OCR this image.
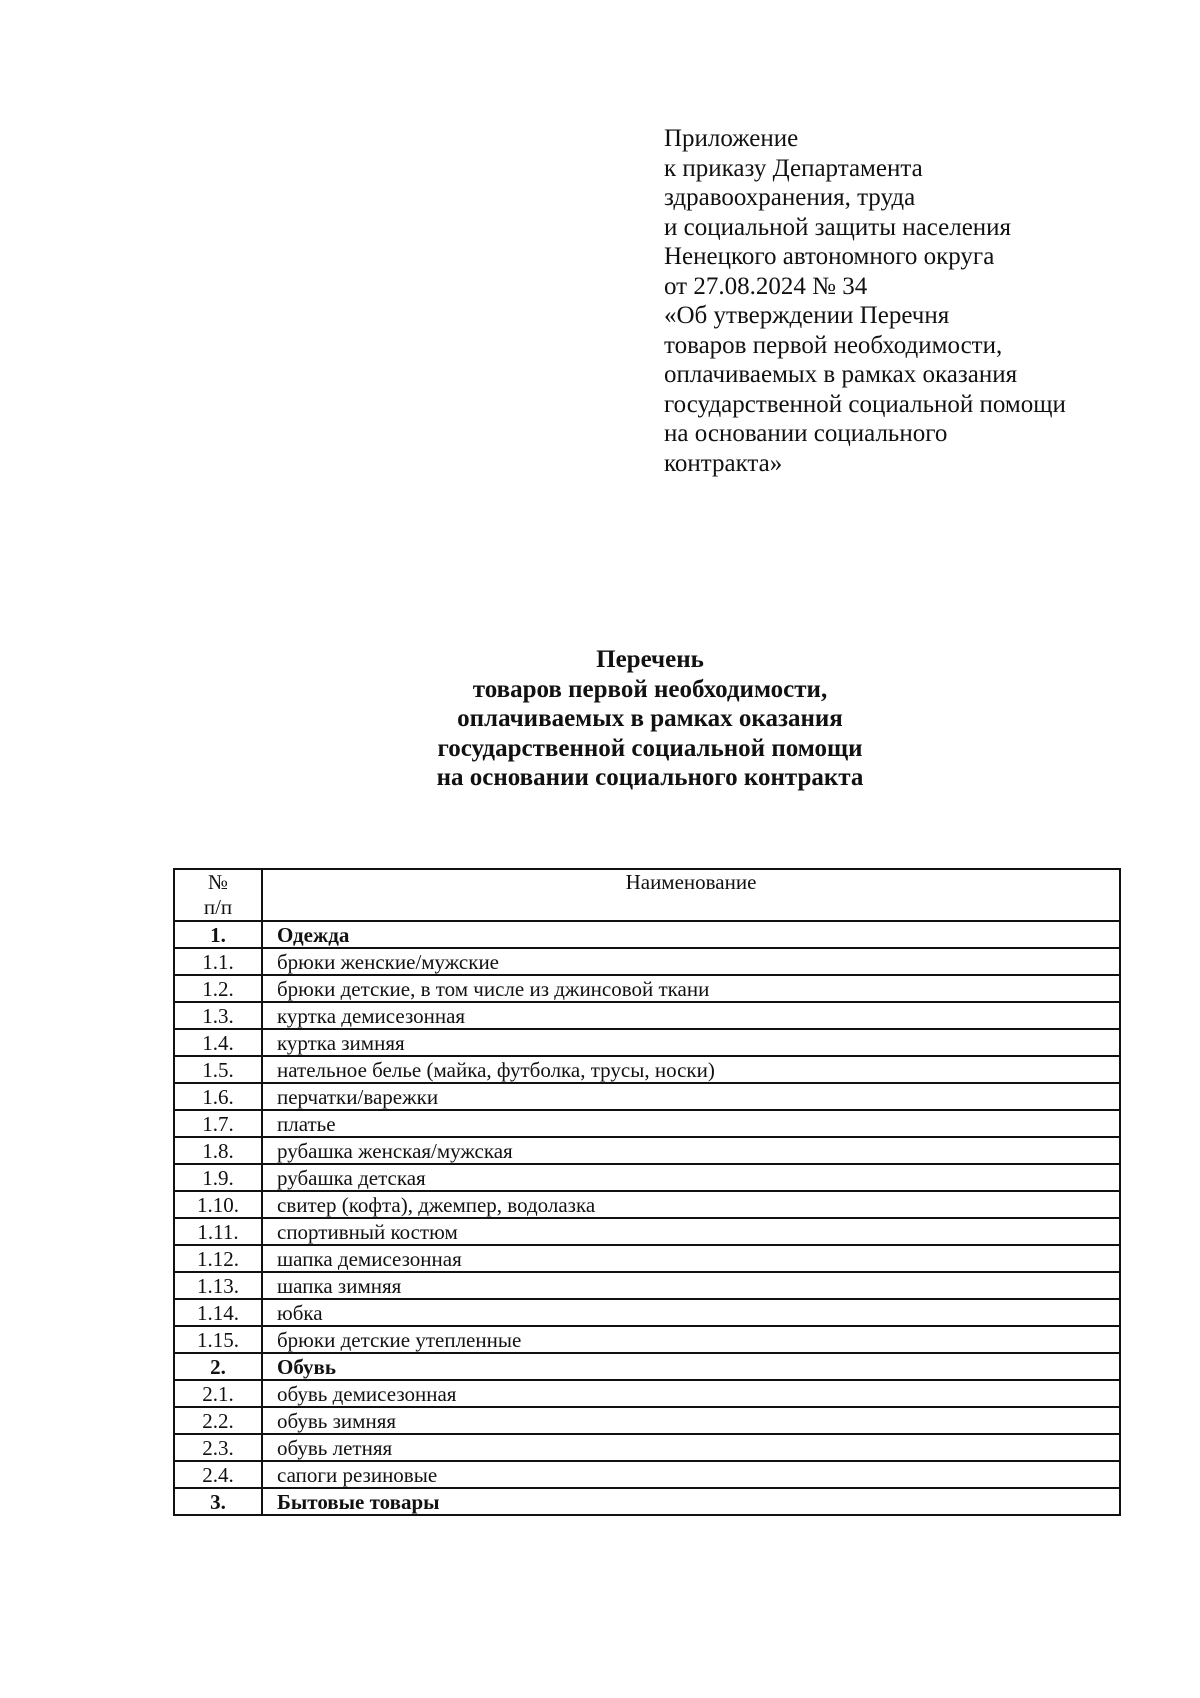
Приложение
к приказу Департамента
здравоохранения, труда
и социальной защиты населения
Ненецкого автономного округа
от 27.08.2024 № 34
«Об утверждении Перечня
товаров первой необходимости,
оплачиваемых в рамках оказания
государственной социальной помощи
на основании социального
контракта»
Перечень
товаров первой необходимости,
оплачиваемых в рамках оказания
государственной социальной помощи
на основании социального контракта
№
п/п	Наименование
1.	Одежда
1.1.	брюки женские/мужские
1.2.	брюки детские, в том числе из джинсовой ткани
1.3.	куртка демисезонная
1.4.	куртка зимняя
1.5.	нательное белье (майка, футболка, трусы, носки)
1.6.	перчатки/варежки
1.7.	платье
1.8.	рубашка женская/мужская
1.9.	рубашка детская
1.10.	свитер (кофта), джемпер, водолазка
1.11.	спортивный костюм
1.12.	шапка демисезонная
1.13.	шапка зимняя
1.14.	юбка
1.15.	брюки детские утепленные
2.	Обувь
2.1.	обувь демисезонная
2.2.	обувь зимняя
2.3.	обувь летняя
2.4.	сапоги резиновые
3.	Бытовые товары
